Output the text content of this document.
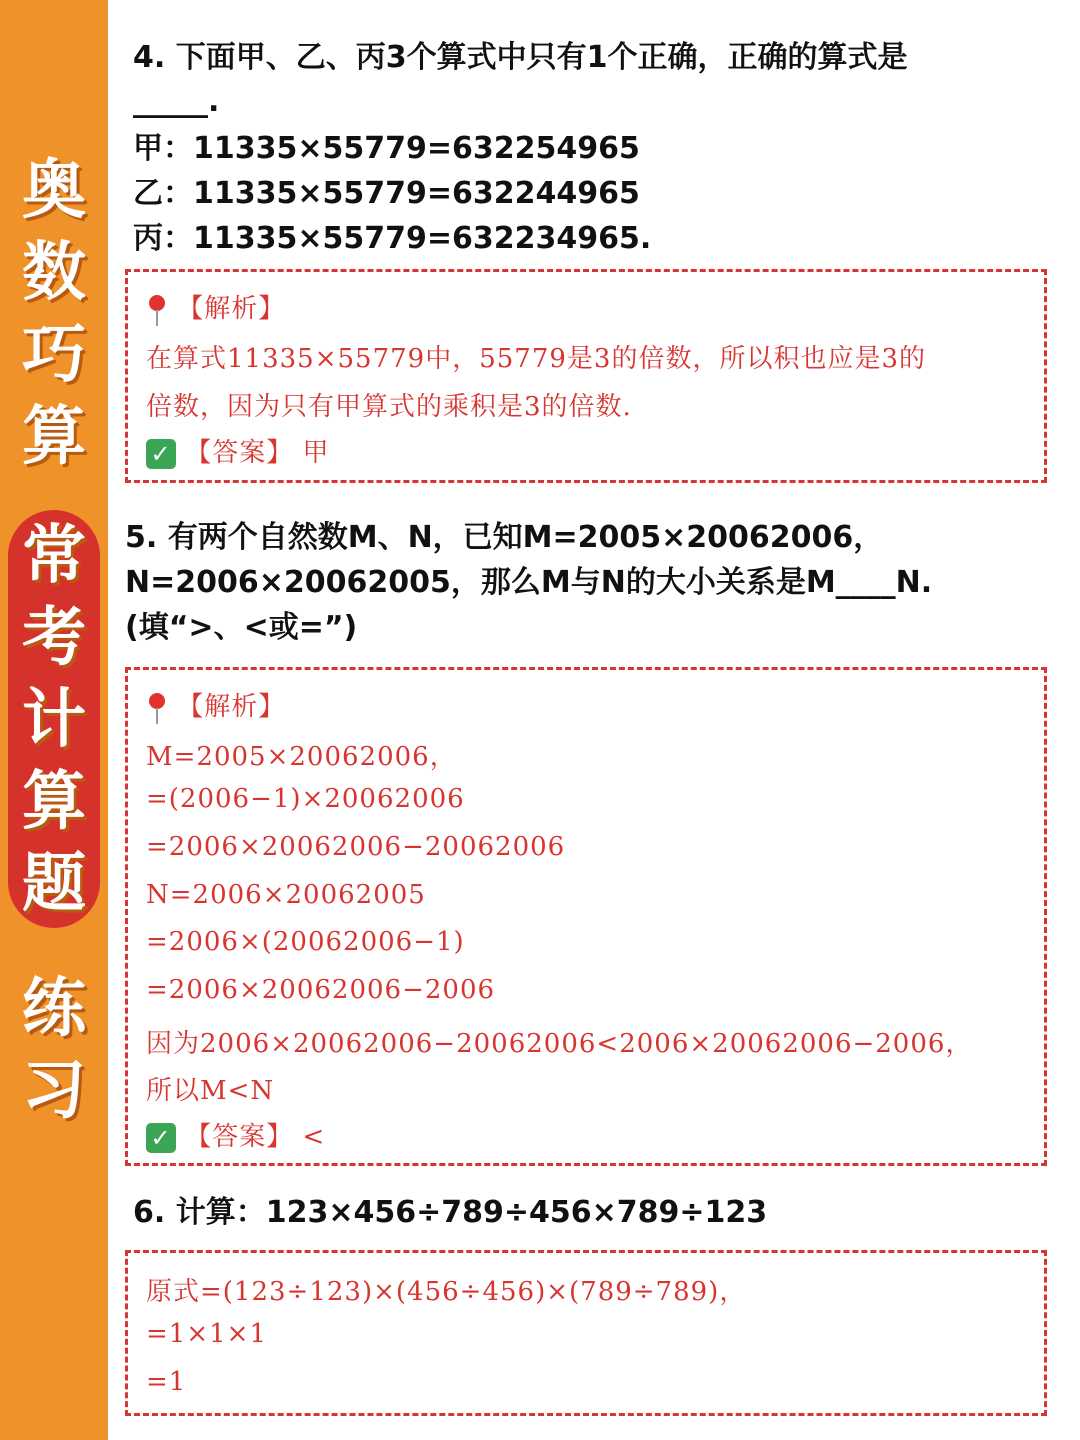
奥
数
巧
算
常
考
计
算
题
练
习
4. 下面甲、乙、丙3个算式中只有1个正确，正确的算式是
_____.
甲：11335×55779=632254965
乙：11335×55779=632244965
丙：11335×55779=632234965.
【解析】
在算式11335×55779中，55779是3的倍数，所以积也应是3的
倍数，因为只有甲算式的乘积是3的倍数.
✓ 【答案】 甲
5. 有两个自然数M、N，已知M=2005×20062006，
N=2006×20062005，那么M与N的大小关系是M____N.
(填“>、<或=”)
【解析】
M=2005×20062006，
=(2006−1)×20062006
=2006×20062006−20062006
N=2006×20062005
=2006×(20062006−1)
=2006×20062006−2006
因为2006×20062006−20062006<2006×20062006−2006，
所以M<N
✓ 【答案】 <
6. 计算：123×456÷789÷456×789÷123
原式=(123÷123)×(456÷456)×(789÷789)，
=1×1×1
=1
